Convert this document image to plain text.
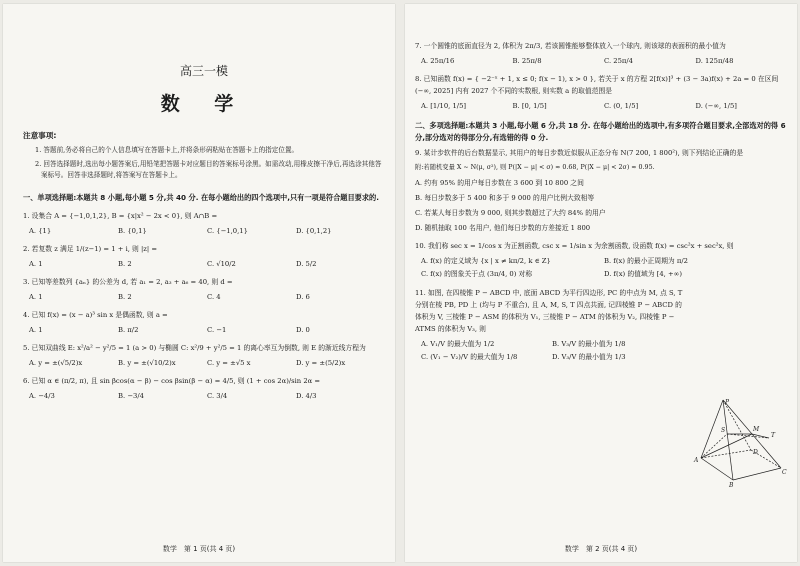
高三一模
数 学
注意事项:
1. 答题前,务必将自己的个人信息填写在答题卡上,并将条形码粘贴在答题卡上的指定位置。
2. 回答选择题时,选出每小题答案后,用铅笔把答题卡对应题目的答案标号涂黑。如需改动,用橡皮擦干净后,再选涂其他答案标号。回答非选择题时,将答案写在答题卡上。
一、单项选择题:本题共 8 小题,每小题 5 分,共 40 分. 在每小题给出的四个选项中,只有一项是符合题目要求的.
1. 设集合 A = {−1,0,1,2}, B = {x|x² − 2x < 0}, 则 A∩B =
A. {1}	B. {0,1}	C. {−1,0,1}	D. {0,1,2}
2. 若复数 z 满足 1/(z−1) = 1 + i, 则 |z| =
A. 1	B. 2	C. √10/2	D. 5/2
3. 已知等差数列 {aₙ} 的公差为 d, 若 a₁ = 2, a₃ + a₆ = 40, 则 d =
A. 1	B. 2	C. 4	D. 6
4. 已知 f(x) = (x − a)³ sin x 是偶函数, 则 a =
A. 1	B. π/2	C. −1	D. 0
5. 已知双曲线 E: x²/a² − y²/5 = 1 (a > 0) 与椭圆 C: x²/9 + y²/5 = 1 的离心率互为倒数, 则 E 的渐近线方程为
A. y = ±(√5/2)x	B. y = ±(√10/2)x	C. y = ±√5 x	D. y = ±(5/2)x
6. 已知 α ∈ (π/2, π), 且 sin βcos(α − β) − cos βsin(β − α) = 4/5, 则 (1 + cos 2α)/sin 2α =
A. −4/3	B. −3/4	C. 3/4	D. 4/3
数学　第 1 页(共 4 页)
7. 一个圆锥的底面直径为 2, 体积为 2π/3, 若该圆锥能够整体放入一个球内, 则该球的表面积的最小值为
A. 25π/16	B. 25π/8	C. 25π/4	D. 125π/48
8. 已知函数 f(x) = { −2⁻ˣ + 1, x ≤ 0; f(x − 1), x > 0 }, 若关于 x 的方程 2[f(x)]³ + (3 − 3a)f(x) + 2a = 0 在区间 (−∞, 2025] 内有 2027 个不同的实数根, 则实数 a 的取值范围是
A. [1/10, 1/5]	B. [0, 1/5]	C. (0, 1/5]	D. (−∞, 1/5]
二、多项选择题:本题共 3 小题,每小题 6 分,共 18 分. 在每小题给出的选项中,有多项符合题目要求,全部选对的得 6 分,部分选对的得部分分,有选错的得 0 分.
9. 某计步软件的后台数据显示, 其用户的每日步数近似服从正态分布 N(7 200, 1 800²), 则下列结论正确的是
附:若随机变量 X ~ N(μ, σ²), 则 P(|X − μ| < σ) ≈ 0.68, P(|X − μ| < 2σ) ≈ 0.95.
A. 约有 95% 的用户每日步数在 3 600 到 10 800 之间
B. 每日步数多于 5 400 和多于 9 000 的用户比例大致相等
C. 若某人每日步数为 9 000, 则其步数超过了大约 84% 的用户
D. 随机抽取 100 名用户, 他们每日步数的方差接近 1 800
10. 我们称 sec x = 1/cos x 为正割函数, csc x = 1/sin x 为余割函数, 设函数 f(x) = csc²x + sec²x, 则
A. f(x) 的定义域为 {x | x ≠ kπ/2, k ∈ Z}	B. f(x) 的最小正周期为 π/2
C. f(x) 的图象关于点 (3π/4, 0) 对称	D. f(x) 的值域为 [4, +∞)
11. 如图, 在四棱锥 P − ABCD 中, 底面 ABCD 为平行四边形, PC 的中点为 M, 点 S, T 分别在棱 PB, PD 上 (均与 P 不重合), 且 A, M, S, T 四点共面, 记四棱锥 P − ABCD 的体积为 V, 三棱锥 P − ASM 的体积为 V₁, 三棱锥 P − ATM 的体积为 V₂, 四棱锥 P − ATMS 的体积为 V₃, 则
A. V₁/V 的最大值为 1/2	B. V₃/V 的最小值为 1/8
C. (V₁ − V₂)/V 的最大值为 1/8	D. V₃/V 的最小值为 1/3
P
A
B
C
D
M
S
T
数学　第 2 页(共 4 页)
